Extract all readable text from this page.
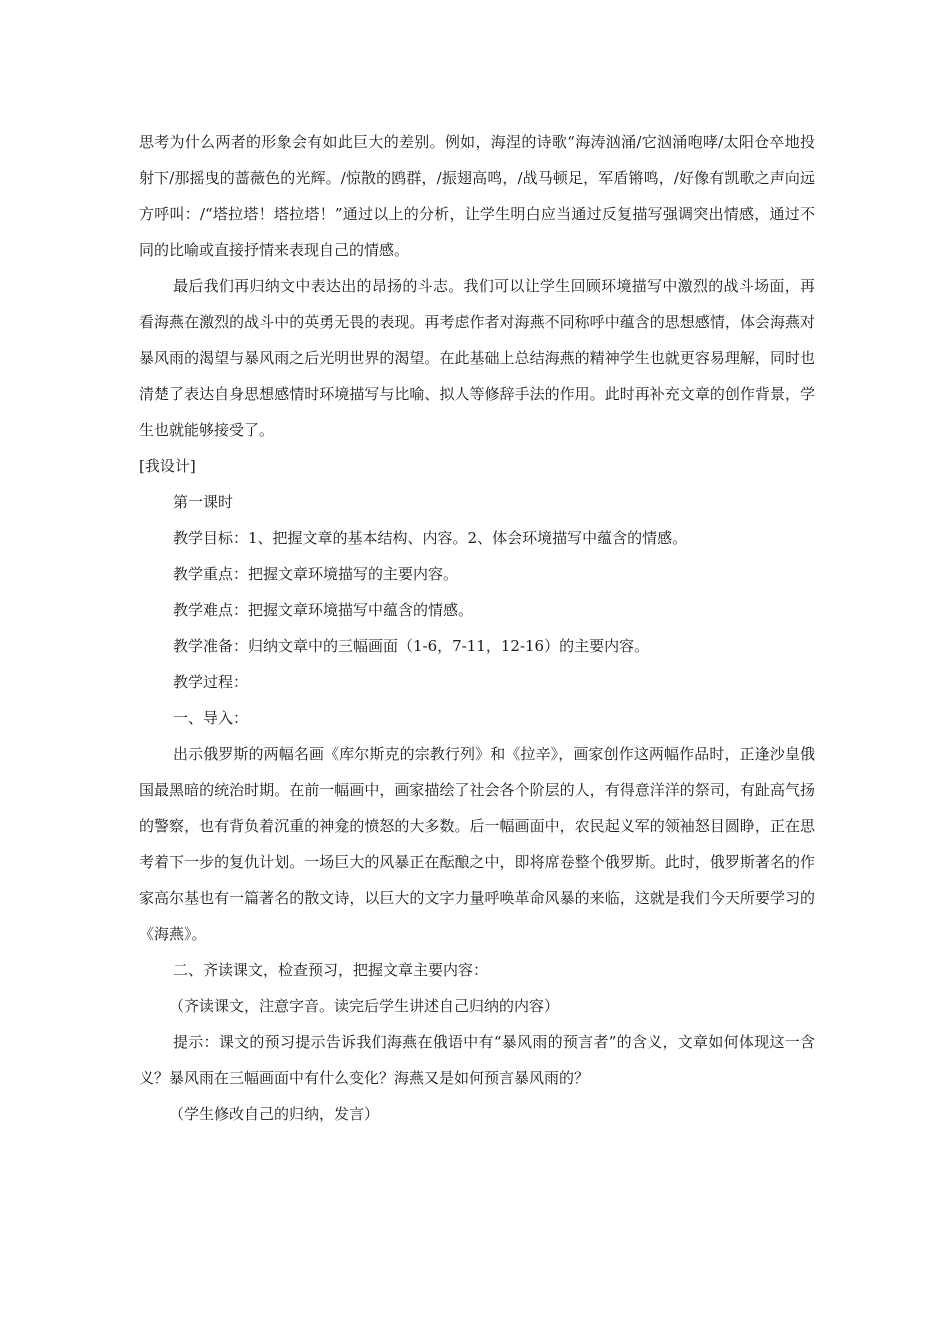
思考为什么两者的形象会有如此巨大的差别。例如，海涅的诗歌“海涛汹涌/它汹涌咆哮/太阳仓卒地投射下/那摇曳的蔷薇色的光辉。/惊散的鸥群，/振翅高鸣，/战马顿足，军盾锵鸣，/好像有凯歌之声向远方呼叫：/“塔拉塔！塔拉塔！”通过以上的分析，让学生明白应当通过反复描写强调突出情感，通过不同的比喻或直接抒情来表现自己的情感。

最后我们再归纳文中表达出的昂扬的斗志。我们可以让学生回顾环境描写中激烈的战斗场面，再看海燕在激烈的战斗中的英勇无畏的表现。再考虑作者对海燕不同称呼中蕴含的思想感情，体会海燕对暴风雨的渴望与暴风雨之后光明世界的渴望。在此基础上总结海燕的精神学生也就更容易理解，同时也清楚了表达自身思想感情时环境描写与比喻、拟人等修辞手法的作用。此时再补充文章的创作背景，学生也就能够接受了。

[我设计]

第一课时

教学目标：1、把握文章的基本结构、内容。2、体会环境描写中蕴含的情感。

教学重点：把握文章环境描写的主要内容。

教学难点：把握文章环境描写中蕴含的情感。

教学准备：归纳文章中的三幅画面（1-6，7-11，12-16）的主要内容。

教学过程：

一、导入：

出示俄罗斯的两幅名画《库尔斯克的宗教行列》和《拉辛》，画家创作这两幅作品时，正逢沙皇俄国最黑暗的统治时期。在前一幅画中，画家描绘了社会各个阶层的人，有得意洋洋的祭司，有趾高气扬的警察，也有背负着沉重的神龛的愤怒的大多数。后一幅画面中，农民起义军的领袖怒目圆睁，正在思考着下一步的复仇计划。一场巨大的风暴正在酝酿之中，即将席卷整个俄罗斯。此时，俄罗斯著名的作家高尔基也有一篇著名的散文诗，以巨大的文字力量呼唤革命风暴的来临，这就是我们今天所要学习的《海燕》。

二、齐读课文，检查预习，把握文章主要内容：

（齐读课文，注意字音。读完后学生讲述自己归纳的内容）

提示：课文的预习提示告诉我们海燕在俄语中有“暴风雨的预言者”的含义，文章如何体现这一含义？暴风雨在三幅画面中有什么变化？海燕又是如何预言暴风雨的？

（学生修改自己的归纳，发言）
